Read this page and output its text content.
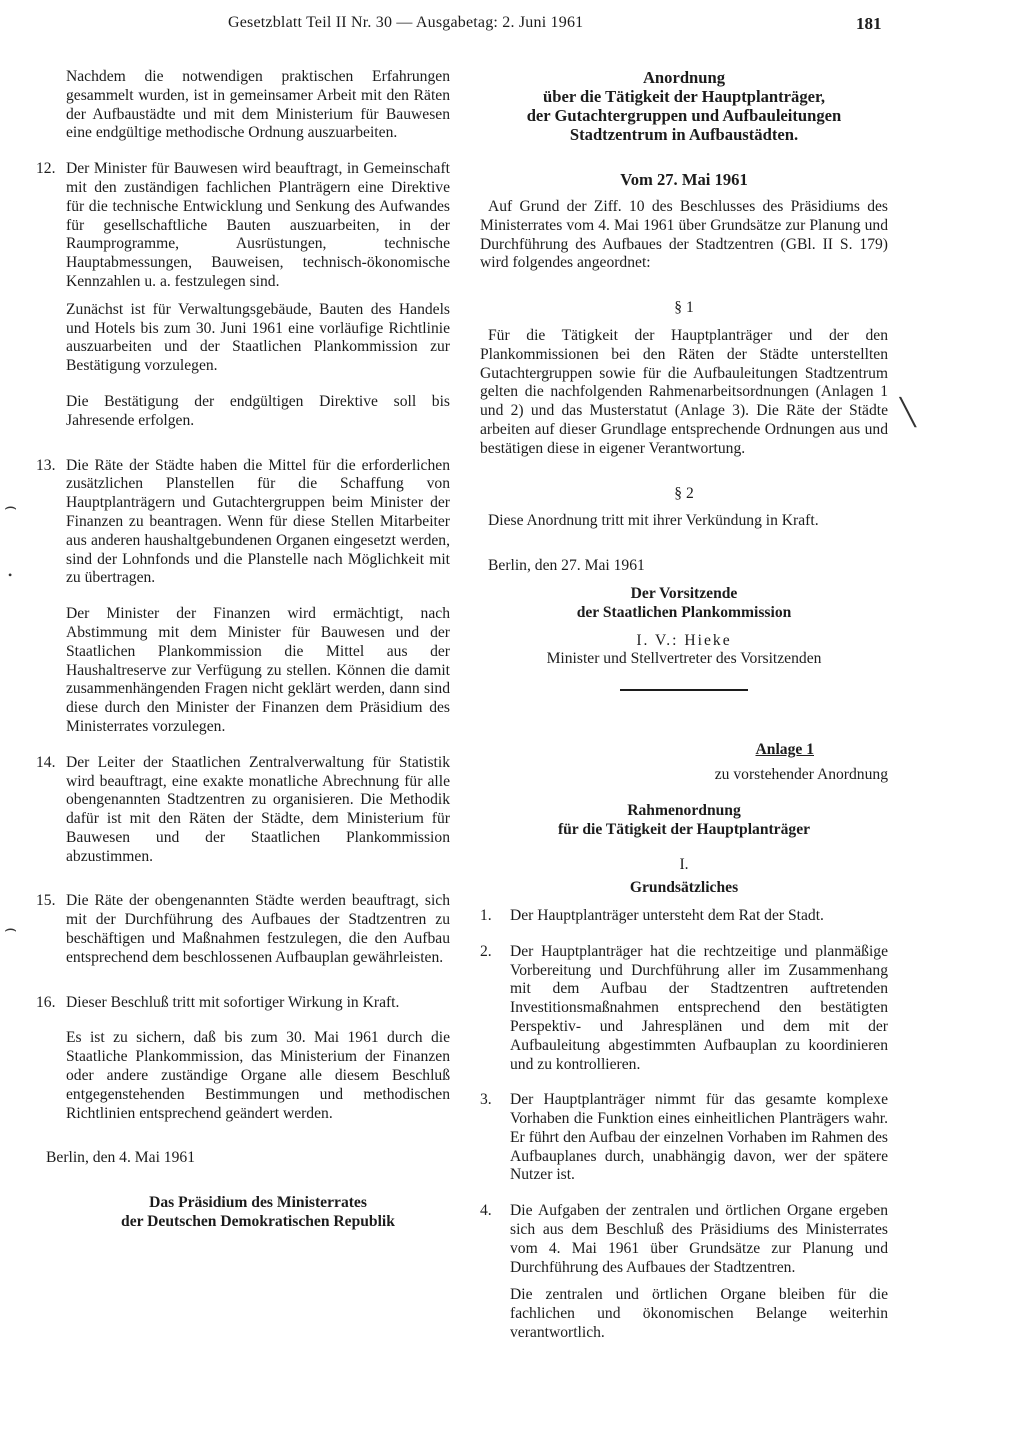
Gesetzblatt Teil II Nr. 30 — Ausgabetag: 2. Juni 1961	181

Nachdem die notwendigen praktischen Erfahrungen gesammelt wurden, ist in gemeinsamer Arbeit mit den Räten der Aufbaustädte und mit dem Ministerium für Bauwesen eine endgültige methodische Ordnung auszuarbeiten.

12. Der Minister für Bauwesen wird beauftragt, in Gemeinschaft mit den zuständigen fachlichen Planträgern eine Direktive für die technische Entwicklung und Senkung des Aufwandes für gesellschaftliche Bauten auszuarbeiten, in der Raumprogramme, Ausrüstungen, technische Hauptabmessungen, Bauweisen, technisch-ökonomische Kennzahlen u. a. festzulegen sind.

Zunächst ist für Verwaltungsgebäude, Bauten des Handels und Hotels bis zum 30. Juni 1961 eine vorläufige Richtlinie auszuarbeiten und der Staatlichen Plankommission zur Bestätigung vorzulegen.

Die Bestätigung der endgültigen Direktive soll bis Jahresende erfolgen.

13. Die Räte der Städte haben die Mittel für die erforderlichen zusätzlichen Planstellen für die Schaffung von Hauptplanträgern und Gutachtergruppen beim Minister der Finanzen zu beantragen. Wenn für diese Stellen Mitarbeiter aus anderen haushaltgebundenen Organen eingesetzt werden, sind der Lohnfonds und die Planstelle nach Möglichkeit mit zu übertragen.

Der Minister der Finanzen wird ermächtigt, nach Abstimmung mit dem Minister für Bauwesen und der Staatlichen Plankommission die Mittel aus der Haushaltreserve zur Verfügung zu stellen. Können die damit zusammenhängenden Fragen nicht geklärt werden, dann sind diese durch den Minister der Finanzen dem Präsidium des Ministerrates vorzulegen.

14. Der Leiter der Staatlichen Zentralverwaltung für Statistik wird beauftragt, eine exakte monatliche Abrechnung für alle obengenannten Stadtzentren zu organisieren. Die Methodik dafür ist mit den Räten der Städte, dem Ministerium für Bauwesen und der Staatlichen Plankommission abzustimmen.

15. Die Räte der obengenannten Städte werden beauftragt, sich mit der Durchführung des Aufbaues der Stadtzentren zu beschäftigen und Maßnahmen festzulegen, die den Aufbau entsprechend dem beschlossenen Aufbauplan gewährleisten.

16. Dieser Beschluß tritt mit sofortiger Wirkung in Kraft.

Es ist zu sichern, daß bis zum 30. Mai 1961 durch die Staatliche Plankommission, das Ministerium der Finanzen oder andere zuständige Organe alle diesem Beschluß entgegenstehenden Bestimmungen und methodischen Richtlinien entsprechend geändert werden.

Berlin, den 4. Mai 1961

Das Präsidium des Ministerrates
der Deutschen Demokratischen Republik
Anordnung
über die Tätigkeit der Hauptplanträger,
der Gutachtergruppen und Aufbauleitungen
Stadtzentrum in Aufbaustädten.
Vom 27. Mai 1961

Auf Grund der Ziff. 10 des Beschlusses des Präsidiums des Ministerrates vom 4. Mai 1961 über Grundsätze zur Planung und Durchführung des Aufbaues der Stadtzentren (GBl. II S. 179) wird folgendes angeordnet:

§ 1

Für die Tätigkeit der Hauptplanträger und der den Plankommissionen bei den Räten der Städte unterstellten Gutachtergruppen sowie für die Aufbauleitungen Stadtzentrum gelten die nachfolgenden Rahmenarbeitsordnungen (Anlagen 1 und 2) und das Musterstatut (Anlage 3). Die Räte der Städte arbeiten auf dieser Grundlage entsprechende Ordnungen aus und bestätigen diese in eigener Verantwortung.

§ 2

Diese Anordnung tritt mit ihrer Verkündung in Kraft.

Berlin, den 27. Mai 1961

Der Vorsitzende
der Staatlichen Plankommission
I. V.: Hieke
Minister und Stellvertreter des Vorsitzenden
Anlage 1
zu vorstehender Anordnung
Rahmenordnung
für die Tätigkeit der Hauptplanträger
I.
Grundsätzliches
1. Der Hauptplanträger untersteht dem Rat der Stadt.

2. Der Hauptplanträger hat die rechtzeitige und planmäßige Vorbereitung und Durchführung aller im Zusammenhang mit dem Aufbau der Stadtzentren auftretenden Investitionsmaßnahmen entsprechend den bestätigten Perspektiv- und Jahresplänen und dem mit der Aufbauleitung abgestimmten Aufbauplan zu koordinieren und zu kontrollieren.

3. Der Hauptplanträger nimmt für das gesamte komplexe Vorhaben die Funktion eines einheitlichen Planträgers wahr. Er führt den Aufbau der einzelnen Vorhaben im Rahmen des Aufbauplanes durch, unabhängig davon, wer der spätere Nutzer ist.

4. Die Aufgaben der zentralen und örtlichen Organe ergeben sich aus dem Beschluß des Präsidiums des Ministerrates vom 4. Mai 1961 über Grundsätze zur Planung und Durchführung des Aufbaues der Stadtzentren.

Die zentralen und örtlichen Organe bleiben für die fachlichen und ökonomischen Belange weiterhin verantwortlich.

⌢
•
⌢
╲
